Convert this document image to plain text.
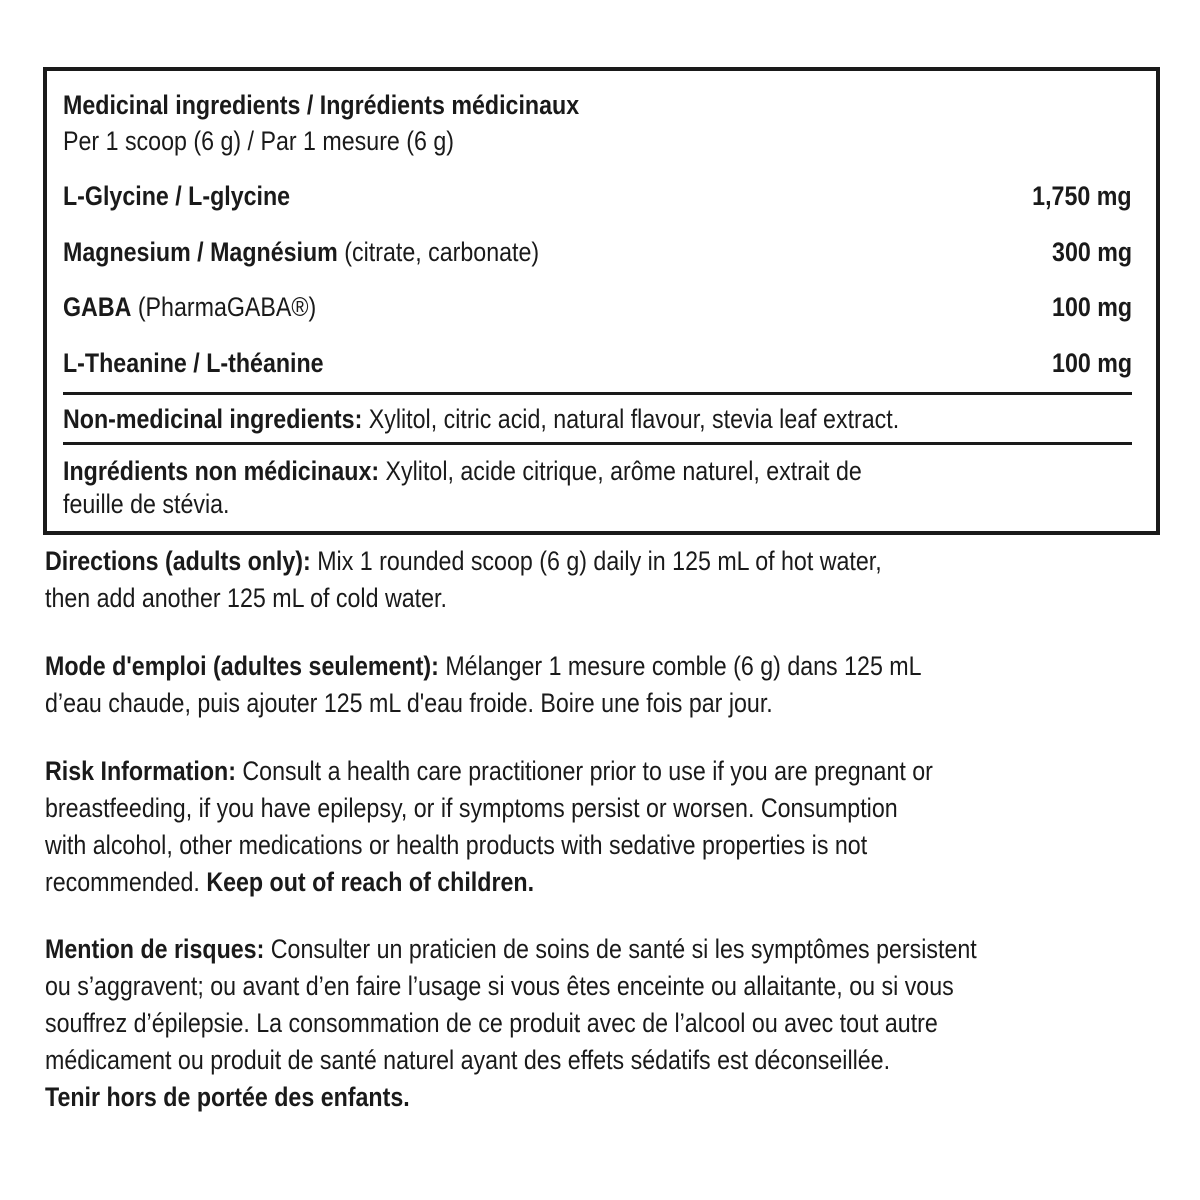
Medicinal ingredients / Ingrédients médicinaux
Per 1 scoop (6 g) / Par 1 mesure (6 g)
L-Glycine / L-glycine	1,750 mg
Magnesium / Magnésium (citrate, carbonate)	300 mg
GABA (PharmaGABA®)	100 mg
L-Theanine / L-théanine	100 mg
Non-medicinal ingredients: Xylitol, citric acid, natural flavour, stevia leaf extract.
Ingrédients non médicinaux: Xylitol, acide citrique, arôme naturel, extrait de
feuille de stévia.
Directions (adults only): Mix 1 rounded scoop (6 g) daily in 125 mL of hot water,
then add another 125 mL of cold water.
Mode d'emploi (adultes seulement): Mélanger 1 mesure comble (6 g) dans 125 mL
d’eau chaude, puis ajouter 125 mL d'eau froide. Boire une fois par jour.
Risk Information: Consult a health care practitioner prior to use if you are pregnant or
breastfeeding, if you have epilepsy, or if symptoms persist or worsen. Consumption
with alcohol, other medications or health products with sedative properties is not
recommended. Keep out of reach of children.
Mention de risques: Consulter un praticien de soins de santé si les symptômes persistent
ou s’aggravent; ou avant d’en faire l’usage si vous êtes enceinte ou allaitante, ou si vous
souffrez d’épilepsie. La consommation de ce produit avec de l’alcool ou avec tout autre
médicament ou produit de santé naturel ayant des effets sédatifs est déconseillée.
Tenir hors de portée des enfants.
